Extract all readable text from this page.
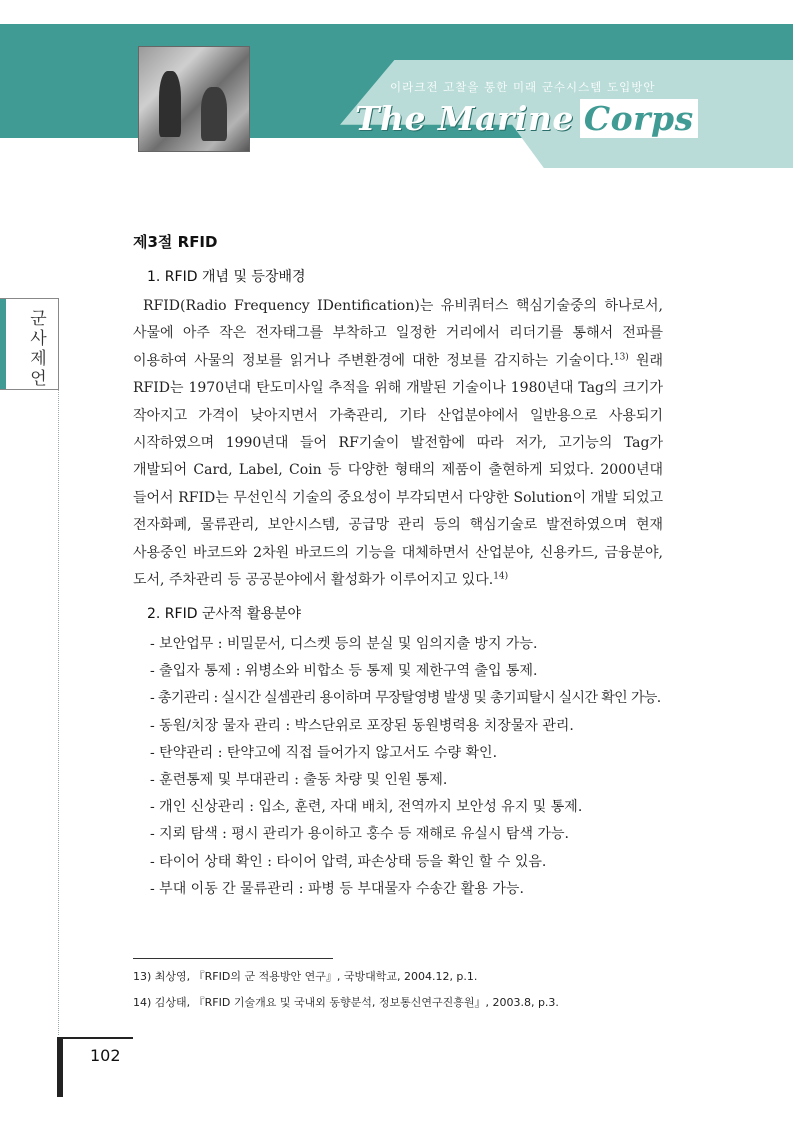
이라크전 고찰을 통한 미래 군수시스템 도입방안
The Marine Corps
군사제언
제3절 RFID
1. RFID 개념 및 등장배경
RFID(Radio Frequency IDentification)는 유비쿼터스 핵심기술중의 하나로서, 사물에 아주 작은 전자태그를 부착하고 일정한 거리에서 리더기를 통해서 전파를 이용하여 사물의 정보를 읽거나 주변환경에 대한 정보를 감지하는 기술이다.$^{13)}$ 원래 RFID는 1970년대 탄도미사일 추적을 위해 개발된 기술이나 1980년대 Tag의 크기가 작아지고 가격이 낮아지면서 가축관리, 기타 산업분야에서 일반용으로 사용되기 시작하였으며 1990년대 들어 RF기술이 발전함에 따라 저가, 고기능의 Tag가 개발되어 Card, Label, Coin 등 다양한 형태의 제품이 출현하게 되었다. 2000년대 들어서 RFID는 무선인식 기술의 중요성이 부각되면서 다양한 Solution이 개발 되었고 전자화폐, 물류관리, 보안시스템, 공급망 관리 등의 핵심기술로 발전하였으며 현재 사용중인 바코드와 2차원 바코드의 기능을 대체하면서 산업분야, 신용카드, 금융분야, 도서, 주차관리 등 공공분야에서 활성화가 이루어지고 있다.$^{14)}$
2. RFID 군사적 활용분야
- 보안업무 : 비밀문서, 디스켓 등의 분실 및 임의지출 방지 가능.
- 출입자 통제 : 위병소와 비합소 등 통제 및 제한구역 출입 통제.
- 총기관리 : 실시간 실셈관리 용이하며 무장탈영병 발생 및 총기피탈시 실시간 확인 가능.
- 동원/치장 물자 관리 : 박스단위로 포장된 동원병력용 치장물자 관리.
- 탄약관리 : 탄약고에 직접 들어가지 않고서도 수량 확인.
- 훈련통제 및 부대관리 : 출동 차량 및 인원 통제.
- 개인 신상관리 : 입소, 훈련, 자대 배치, 전역까지 보안성 유지 및 통제.
- 지뢰 탐색 : 평시 관리가 용이하고 홍수 등 재해로 유실시 탐색 가능.
- 타이어 상태 확인 : 타이어 압력, 파손상태 등을 확인 할 수 있음.
- 부대 이동 간 물류관리 : 파병 등 부대물자 수송간 활용 가능.
13) 최상영, 『RFID의 군 적용방안 연구』, 국방대학교, 2004.12, p.1.
14) 김상태, 『RFID 기술개요 및 국내외 동향분석, 정보통신연구진흥원』, 2003.8, p.3.
102
